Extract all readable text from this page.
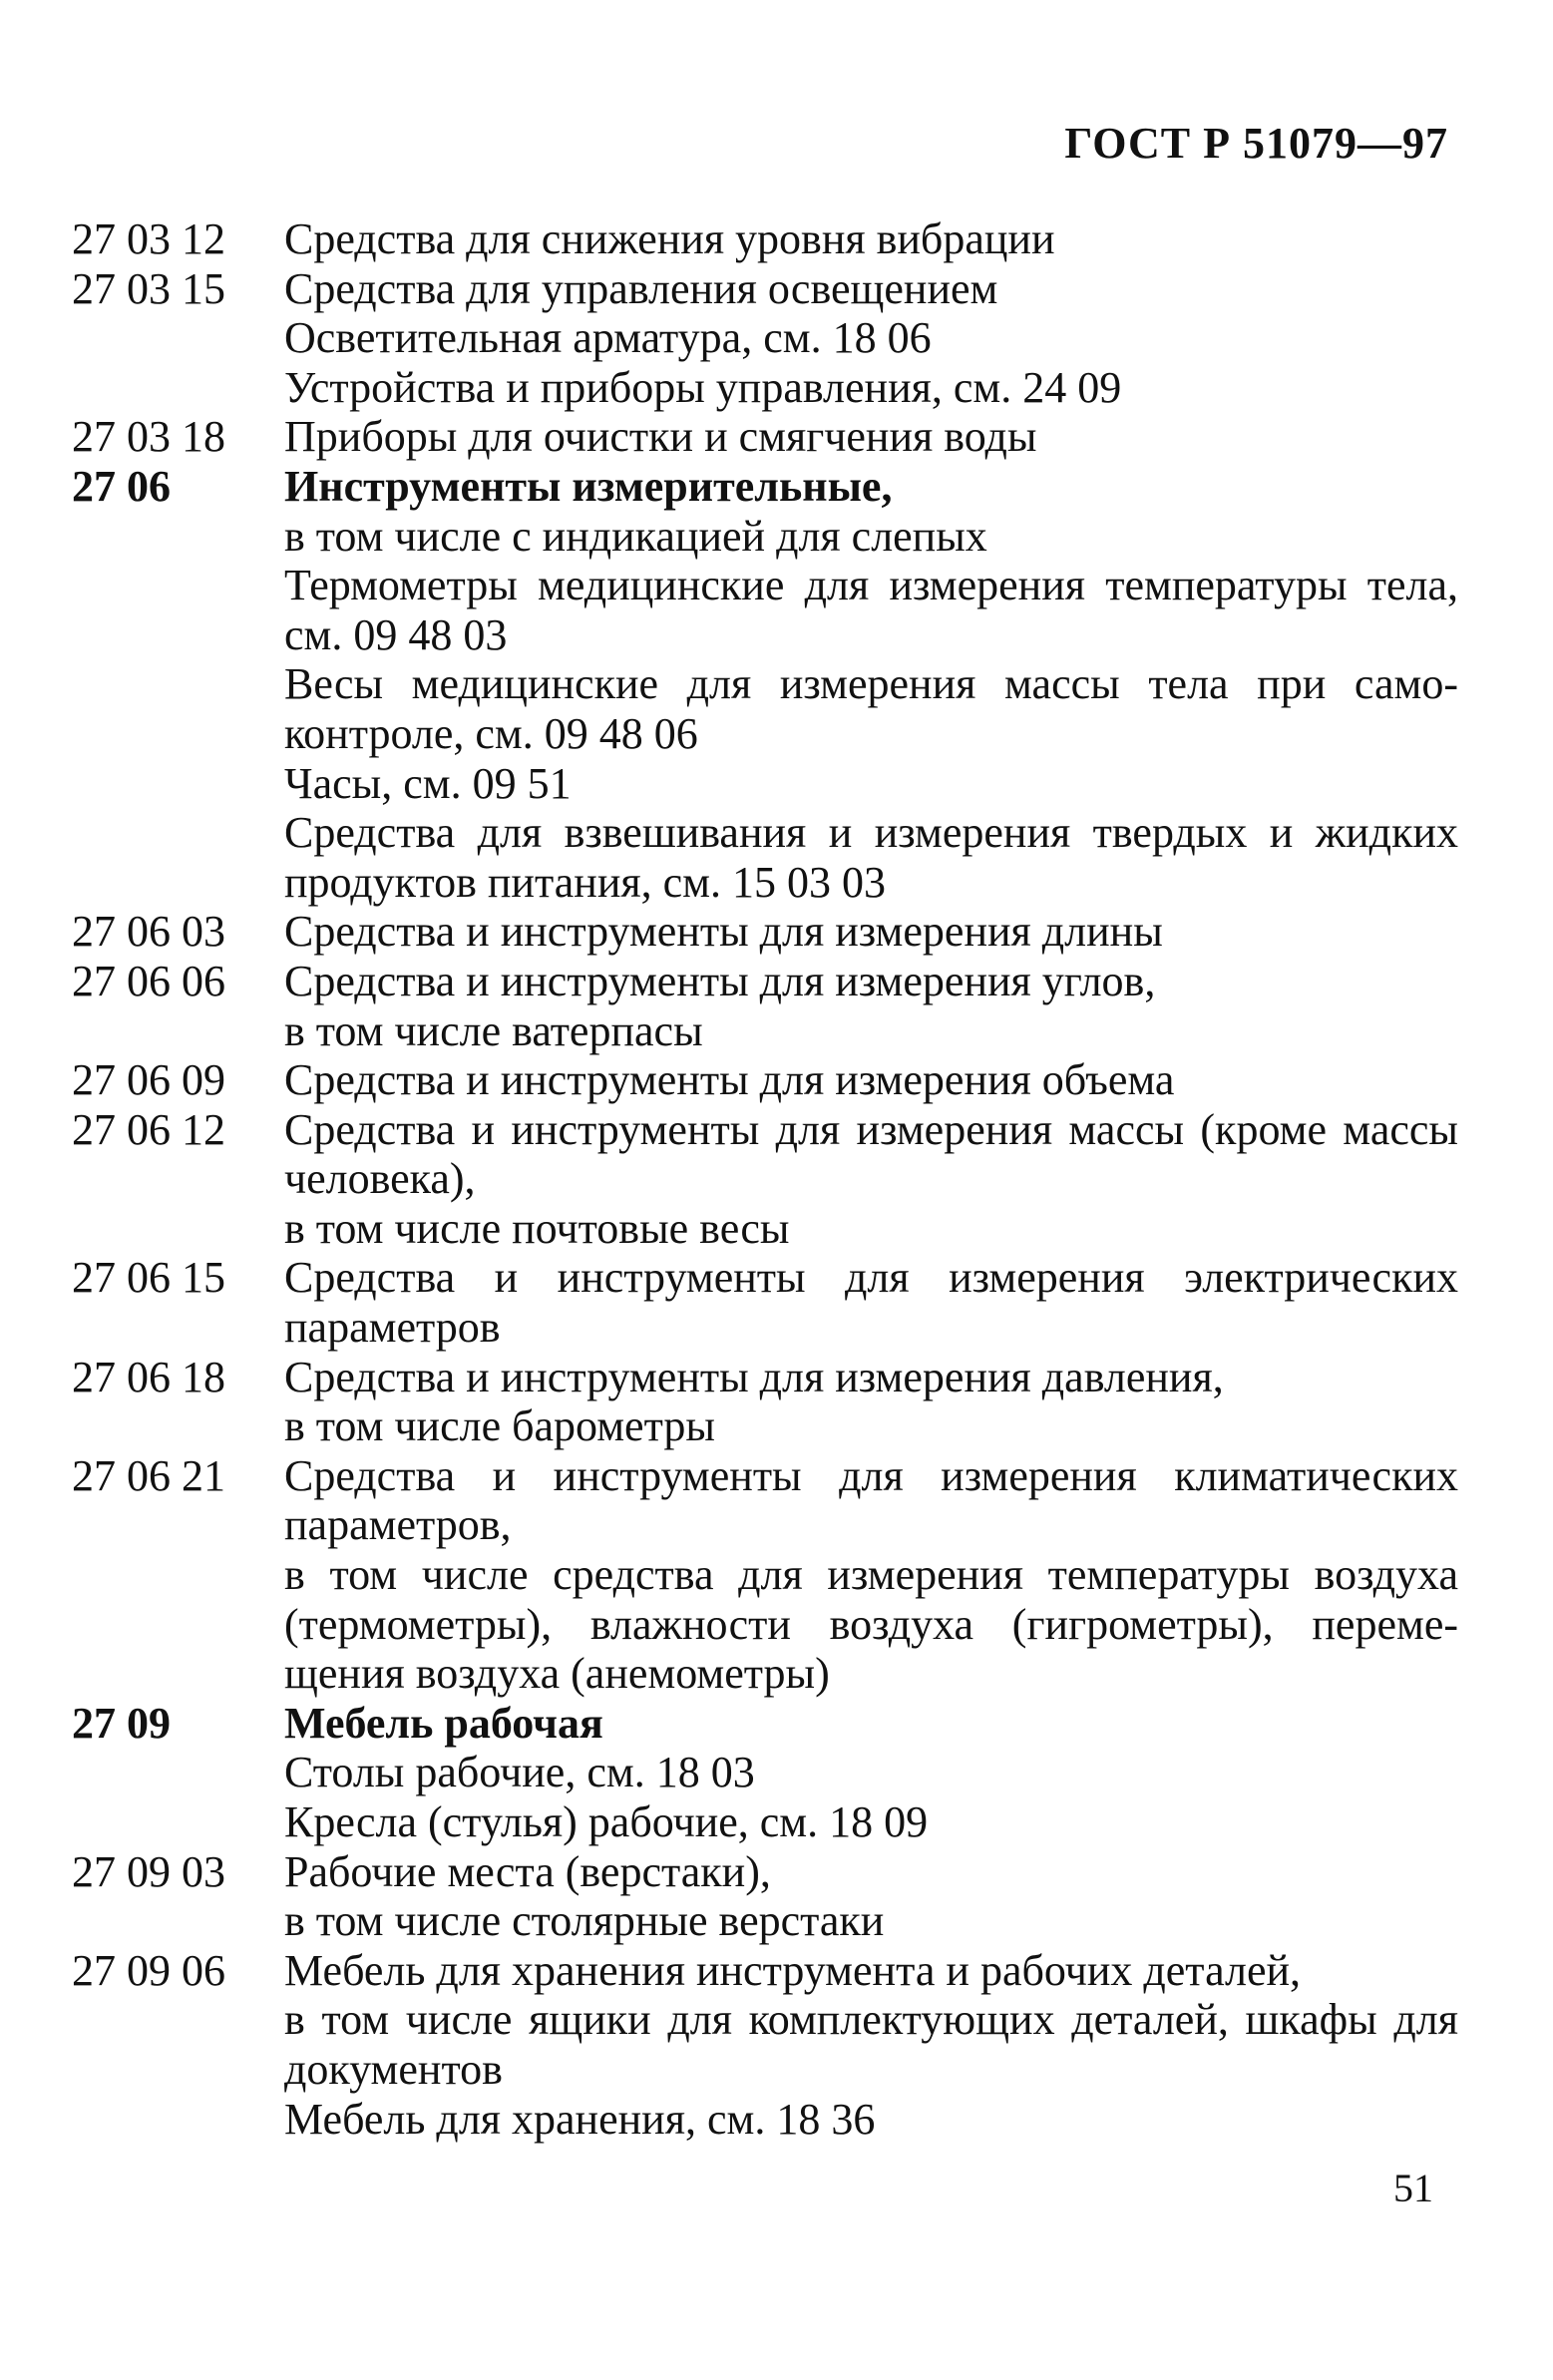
ГОСТ Р 51079—97
27 03 12	Средства для снижения уровня вибрации
27 03 15	Средства для управления освещением
Осветительная арматура, см. 18 06
Устройства и приборы управления, см. 24 09
27 03 18	Приборы для очистки и смягчения воды
27 06	Инструменты измерительные,
в том числе с индикацией для слепых
Термометры медицинские для измерения температуры тела, см. 09 48 03
Весы медицинские для измерения массы тела при само-контроле, см. 09 48 06
Часы, см. 09 51
Средства для взвешивания и измерения твердых и жидких продуктов питания, см. 15 03 03
27 06 03	Средства и инструменты для измерения длины
27 06 06	Средства и инструменты для измерения углов,
в том числе ватерпасы
27 06 09	Средства и инструменты для измерения объема
27 06 12	Средства и инструменты для измерения массы (кроме массы человека),
в том числе почтовые весы
27 06 15	Средства и инструменты для измерения электрических параметров
27 06 18	Средства и инструменты для измерения давления,
в том числе барометры
27 06 21	Средства и инструменты для измерения климатических параметров,
в том числе средства для измерения температуры воздуха (термометры), влажности воздуха (гигрометры), переме-щения воздуха (анемометры)
27 09	Мебель рабочая
Столы рабочие, см. 18 03
Кресла (стулья) рабочие, см. 18 09
27 09 03	Рабочие места (верстаки),
в том числе столярные верстаки
27 09 06	Мебель для хранения инструмента и рабочих деталей,
в том числе ящики для комплектующих деталей, шкафы для документов
Мебель для хранения, см. 18 36
51
